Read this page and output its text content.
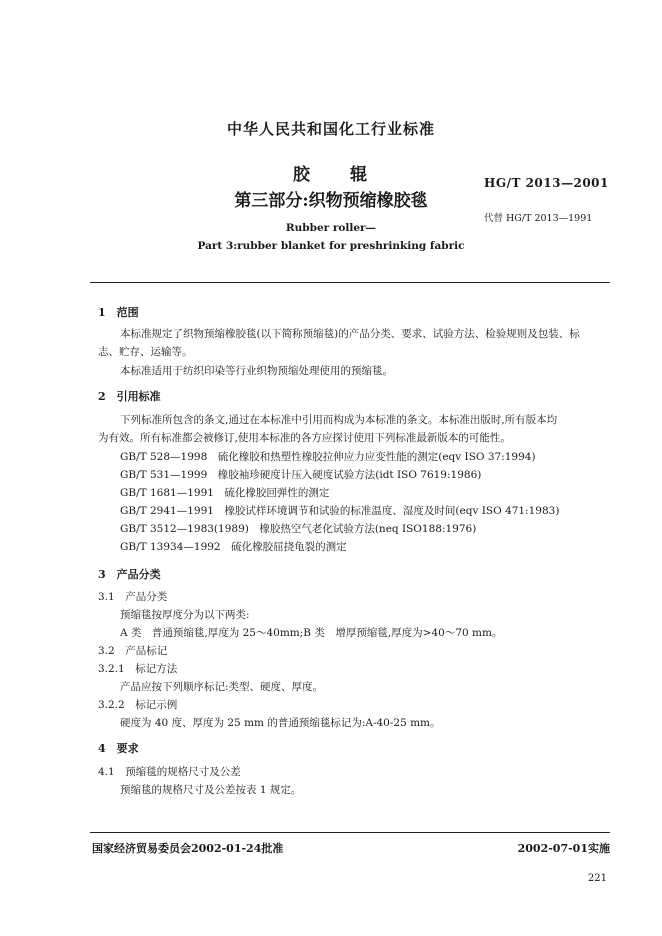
中华人民共和国化工行业标准
胶　　辊
第三部分:织物预缩橡胶毯
Rubber roller—
Part 3:rubber blanket for preshrinking fabric
HG/T 2013—2001
代替 HG/T 2013—1991
1　范围
本标准规定了织物预缩橡胶毯(以下简称预缩毯)的产品分类、要求、试验方法、检验规则及包装、标
志、贮存、运输等。
本标准适用于纺织印染等行业织物预缩处理使用的预缩毯。
2　引用标准
下列标准所包含的条文,通过在本标准中引用而构成为本标准的条文。本标准出版时,所有版本均
为有效。所有标准都会被修订,使用本标准的各方应探讨使用下列标准最新版本的可能性。
GB/T 528—1998　硫化橡胶和热塑性橡胶拉伸应力应变性能的测定(eqv ISO 37:1994)
GB/T 531—1999　橡胶袖珍硬度计压入硬度试验方法(idt ISO 7619:1986)
GB/T 1681—1991　硫化橡胶回弹性的测定
GB/T 2941—1991　橡胶试样环境调节和试验的标准温度、湿度及时间(eqv ISO 471:1983)
GB/T 3512—1983(1989)　橡胶热空气老化试验方法(neq ISO188:1976)
GB/T 13934—1992　硫化橡胶屈挠龟裂的测定
3　产品分类
3.1　产品分类
预缩毯按厚度分为以下两类:
A 类　普通预缩毯,厚度为 25～40mm;B 类　增厚预缩毯,厚度为>40～70 mm。
3.2　产品标记
3.2.1　标记方法
产品应按下列顺序标记:类型、硬度、厚度。
3.2.2　标记示例
硬度为 40 度、厚度为 25 mm 的普通预缩毯标记为:A-40-25 mm。
4　要求
4.1　预缩毯的规格尺寸及公差
预缩毯的规格尺寸及公差按表 1 规定。
国家经济贸易委员会2002-01-24批准	2002-07-01实施
221
